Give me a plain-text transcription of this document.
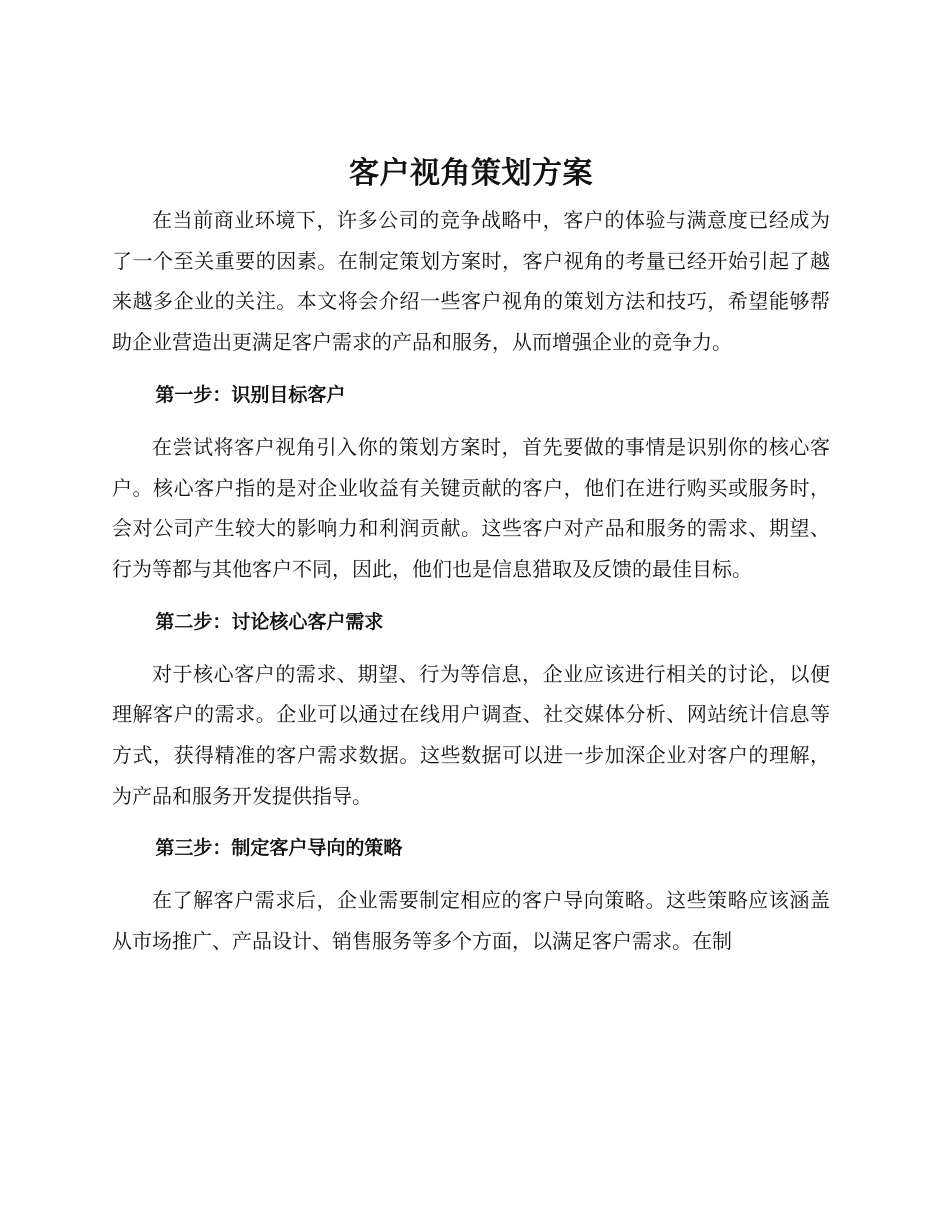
客户视角策划方案

在当前商业环境下，许多公司的竞争战略中，客户的体验与满意度已经成为了一个至关重要的因素。在制定策划方案时，客户视角的考量已经开始引起了越来越多企业的关注。本文将会介绍一些客户视角的策划方法和技巧，希望能够帮助企业营造出更满足客户需求的产品和服务，从而增强企业的竞争力。

第一步：识别目标客户

在尝试将客户视角引入你的策划方案时，首先要做的事情是识别你的核心客户。核心客户指的是对企业收益有关键贡献的客户，他们在进行购买或服务时，会对公司产生较大的影响力和利润贡献。这些客户对产品和服务的需求、期望、行为等都与其他客户不同，因此，他们也是信息猎取及反馈的最佳目标。

第二步：讨论核心客户需求

对于核心客户的需求、期望、行为等信息，企业应该进行相关的讨论，以便理解客户的需求。企业可以通过在线用户调查、社交媒体分析、网站统计信息等方式，获得精准的客户需求数据。这些数据可以进一步加深企业对客户的理解，为产品和服务开发提供指导。

第三步：制定客户导向的策略

在了解客户需求后，企业需要制定相应的客户导向策略。这些策略应该涵盖从市场推广、产品设计、销售服务等多个方面，以满足客户需求。在制
